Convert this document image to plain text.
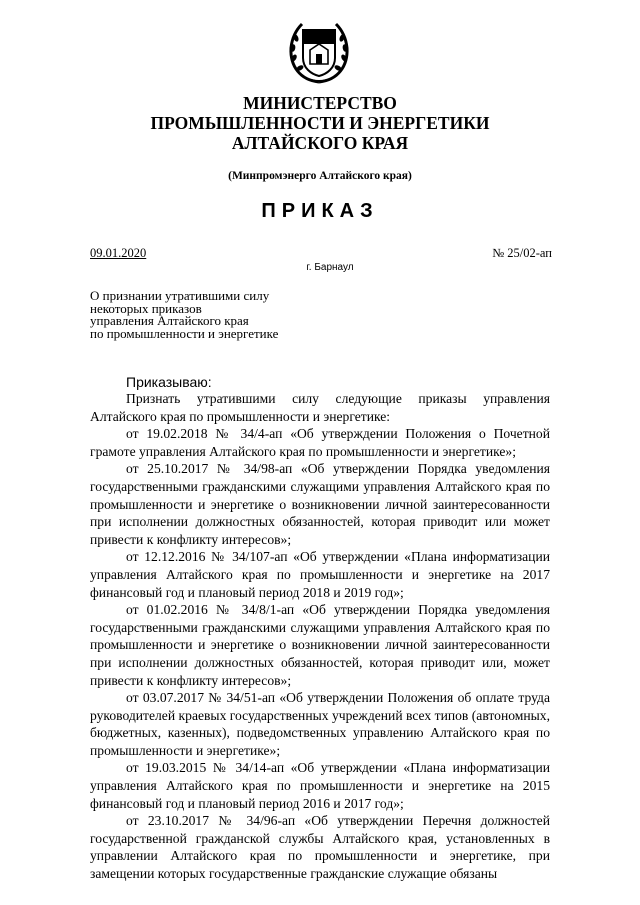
МИНИСТЕРСТВО
ПРОМЫШЛЕННОСТИ И ЭНЕРГЕТИКИ
АЛТАЙСКОГО КРАЯ
(Минпромэнерго Алтайского края)
ПРИКАЗ
09.01.2020	№ 25/02-ап
г. Барнаул
О признании утратившими силу
некоторых приказов
управления Алтайского края
по промышленности и энергетике
Приказываю:

Признать утратившими силу следующие приказы управления Алтайского края по промышленности и энергетике:

от 19.02.2018 № 34/4-ап «Об утверждении Положения о Почетной грамоте управления Алтайского края по промышленности и энергетике»;

от 25.10.2017 № 34/98-ап «Об утверждении Порядка уведомления государственными гражданскими служащими управления Алтайского края по промышленности и энергетике о возникновении личной заинтересованности при исполнении должностных обязанностей, которая приводит или может привести к конфликту интересов»;

от 12.12.2016 № 34/107-ап «Об утверждении «Плана информатизации управления Алтайского края по промышленности и энергетике на 2017 финансовый год и плановый период 2018 и 2019 год»;

от 01.02.2016 № 34/8/1-ап «Об утверждении Порядка уведомления государственными гражданскими служащими управления Алтайского края по промышленности и энергетике о возникновении личной заинтересованности при исполнении должностных обязанностей, которая приводит или, может привести к конфликту интересов»;

от 03.07.2017 № 34/51-ап «Об утверждении Положения об оплате труда руководителей краевых государственных учреждений всех типов (автономных, бюджетных, казенных), подведомственных управлению Алтайского края по промышленности и энергетике»;

от 19.03.2015 № 34/14-ап «Об утверждении «Плана информатизации управления Алтайского края по промышленности и энергетике на 2015 финансовый год и плановый период 2016 и 2017 год»;

от 23.10.2017 № 34/96-ап «Об утверждении Перечня должностей государственной гражданской службы Алтайского края, установленных в управлении Алтайского края по промышленности и энергетике, при замещении которых государственные гражданские служащие обязаны
